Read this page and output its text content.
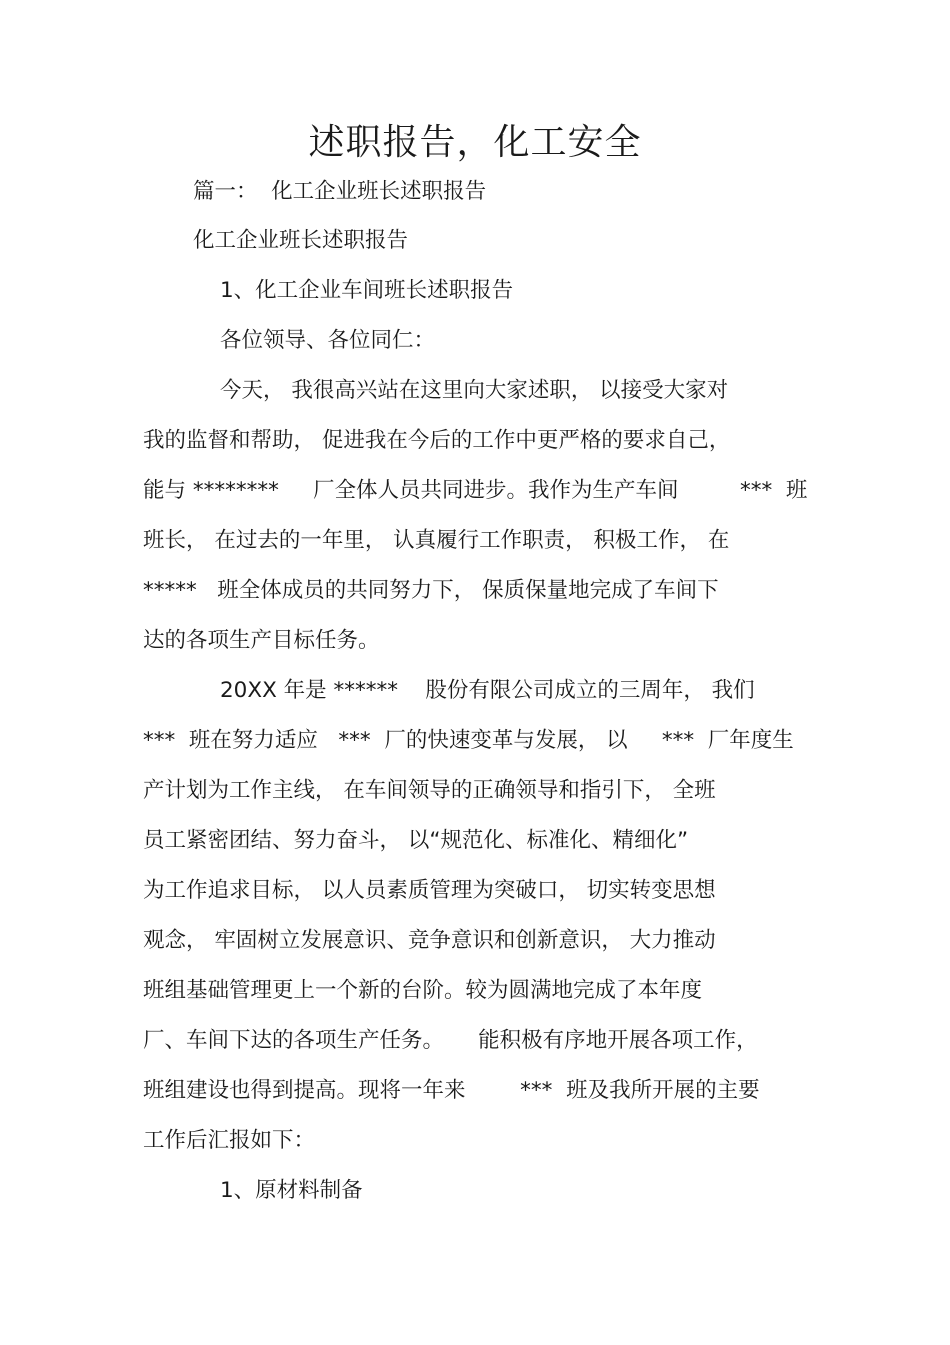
述职报告，化工安全
篇一：  化工企业班长述职报告
化工企业班长述职报告
1、化工企业车间班长述职报告
各位领导、各位同仁：
今天， 我很高兴站在这里向大家述职， 以接受大家对
我的监督和帮助， 促进我在今后的工作中更严格的要求自己，
能与 ********     厂全体人员共同进步。我作为生产车间         ***  班
班长， 在过去的一年里， 认真履行工作职责， 积极工作， 在
*****   班全体成员的共同努力下， 保质保量地完成了车间下
达的各项生产目标任务。
20XX 年是 ******    股份有限公司成立的三周年， 我们
***  班在努力适应   ***  厂的快速变革与发展， 以     ***  厂年度生
产计划为工作主线， 在车间领导的正确领导和指引下， 全班
员工紧密团结、努力奋斗， 以“规范化、标准化、精细化”
为工作追求目标， 以人员素质管理为突破口， 切实转变思想
观念， 牢固树立发展意识、竞争意识和创新意识， 大力推动
班组基础管理更上一个新的台阶。较为圆满地完成了本年度
厂、车间下达的各项生产任务。     能积极有序地开展各项工作，
班组建设也得到提高。现将一年来        ***  班及我所开展的主要
工作后汇报如下：
1、原材料制备
